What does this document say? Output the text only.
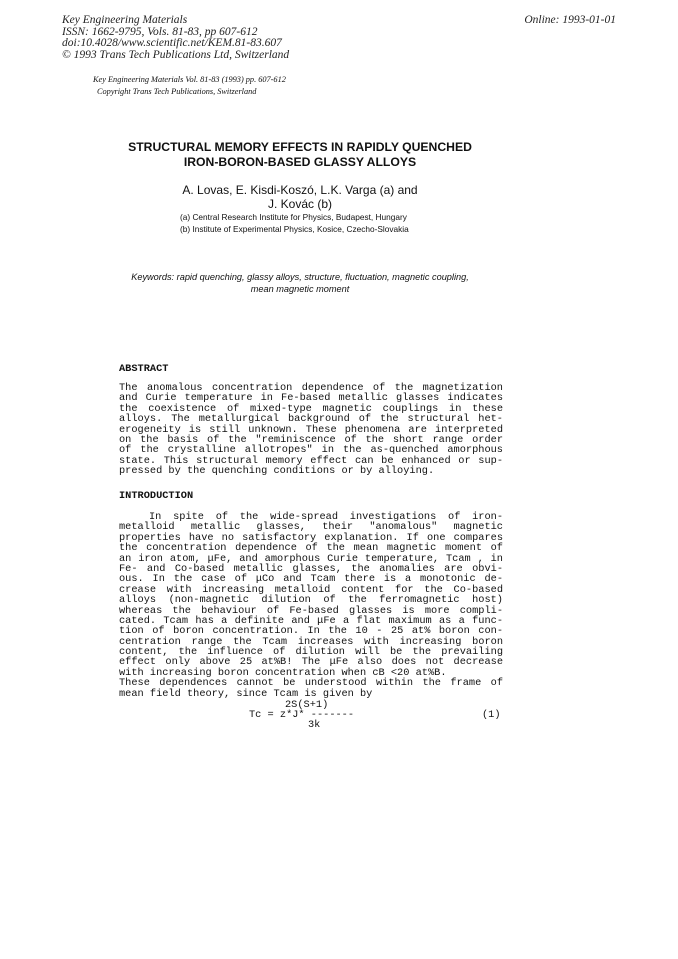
Key Engineering Materials
ISSN: 1662-9795, Vols. 81-83, pp 607-612
doi:10.4028/www.scientific.net/KEM.81-83.607
© 1993 Trans Tech Publications Ltd, Switzerland
Online: 1993-01-01
Key Engineering Materials Vol. 81-83 (1993) pp. 607-612
Copyright Trans Tech Publications, Switzerland
STRUCTURAL MEMORY EFFECTS IN RAPIDLY QUENCHED
IRON-BORON-BASED GLASSY ALLOYS
A. Lovas, E. Kisdi-Koszó, L.K. Varga (a) and
J. Kovác (b)
(a) Central Research Institute for Physics, Budapest, Hungary
(b) Institute of Experimental Physics, Kosice, Czecho-Slovakia
Keywords: rapid quenching, glassy alloys, structure, fluctuation, magnetic coupling,
mean magnetic moment
ABSTRACT
The anomalous concentration dependence of the magnetization
and Curie temperature in Fe-based metallic glasses indicates
the coexistence of mixed-type magnetic couplings in these
alloys. The metallurgical background of the structural het-
erogeneity is still unknown. These phenomena are interpreted
on the basis of the "reminiscence of the short range order
of the crystalline allotropes" in the as-quenched amorphous
state. This structural memory effect can be enhanced or sup-
pressed by the quenching conditions or by alloying.
INTRODUCTION
In spite of the wide-spread investigations of iron-
metalloid metallic glasses, their "anomalous" magnetic
properties have no satisfactory explanation. If one compares
the concentration dependence of the mean magnetic moment of
an iron atom, μFe, and amorphous Curie temperature, Tcam , in
Fe- and Co-based metallic glasses, the anomalies are obvi-
ous. In the case of μCo and Tcam there is a monotonic de-
crease with increasing metalloid content for the Co-based
alloys (non-magnetic dilution of the ferromagnetic host)
whereas the behaviour of Fe-based glasses is more compli-
cated. Tcam has a definite and μFe a flat maximum as a func-
tion of boron concentration. In the 10 - 25 at% boron con-
centration range the Tcam increases with increasing boron
content, the influence of dilution will be the prevailing
effect only above 25 at%B! The μFe also does not decrease
with increasing boron concentration when cB <20 at%B.
These dependences cannot be understood within the frame of
mean field theory, since Tcam is given by
2S(S+1)
Tc = z*J* -------
3k
(1)
